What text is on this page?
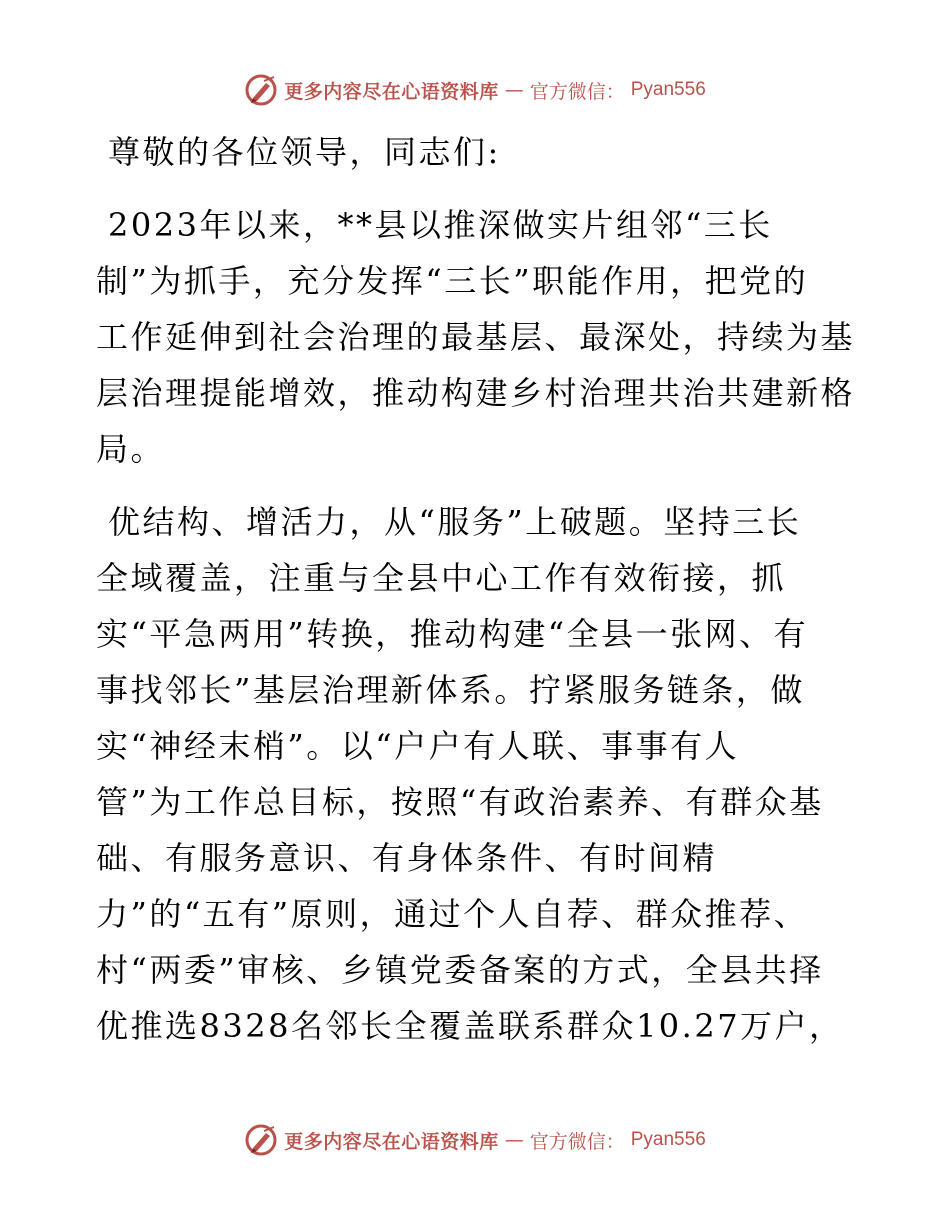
更多内容尽在心语资料库 — 官方微信： Pyan556
尊敬的各位领导，同志们:
2023年以来，**县以推深做实片组邻“三长
制”为抓手，充分发挥“三长”职能作用，把党的
工作延伸到社会治理的最基层、最深处，持续为基
层治理提能增效，推动构建乡村治理共治共建新格
局。
优结构、增活力，从“服务”上破题。坚持三长
全域覆盖，注重与全县中心工作有效衔接，抓
实“平急两用”转换，推动构建“全县一张网、有
事找邻长”基层治理新体系。拧紧服务链条，做
实“神经末梢”。以“户户有人联、事事有人
管”为工作总目标，按照“有政治素养、有群众基
础、有服务意识、有身体条件、有时间精
力”的“五有”原则，通过个人自荐、群众推荐、
村“两委”审核、乡镇党委备案的方式，全县共择
优推选8328名邻长全覆盖联系群众10.27万户，
更多内容尽在心语资料库 — 官方微信： Pyan556
